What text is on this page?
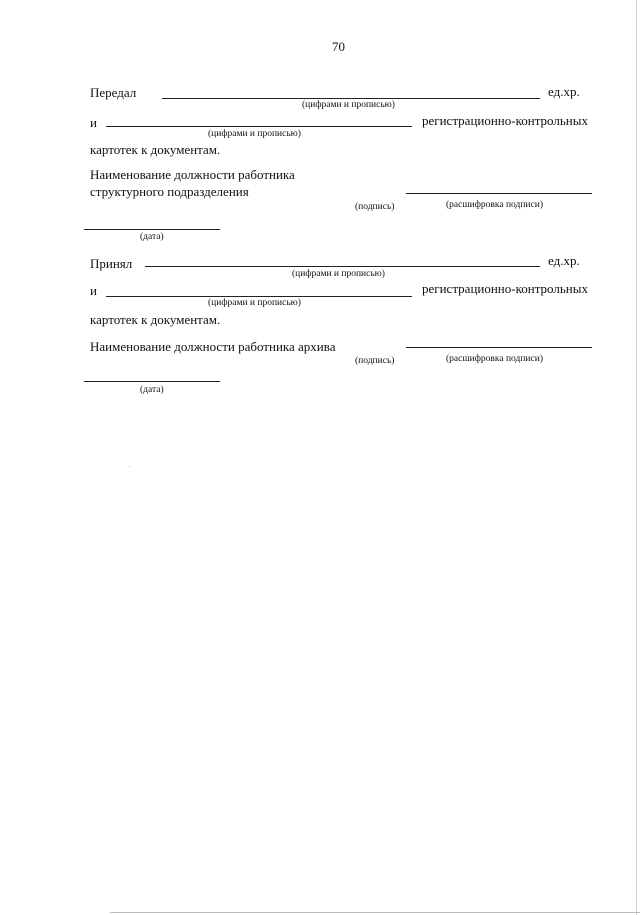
70
Передал	ед.хр.
(цифрами и прописью)
и	регистрационно-контрольных
(цифрами и прописью)
картотек к документам.
Наименование должности работника
структурного подразделения
(подпись)	(расшифровка подписи)
(дата)
Принял	ед.хр.
(цифрами и прописью)
и	регистрационно-контрольных
(цифрами и прописью)
картотек к документам.
Наименование должности работника архива
(подпись)	(расшифровка подписи)
(дата)
